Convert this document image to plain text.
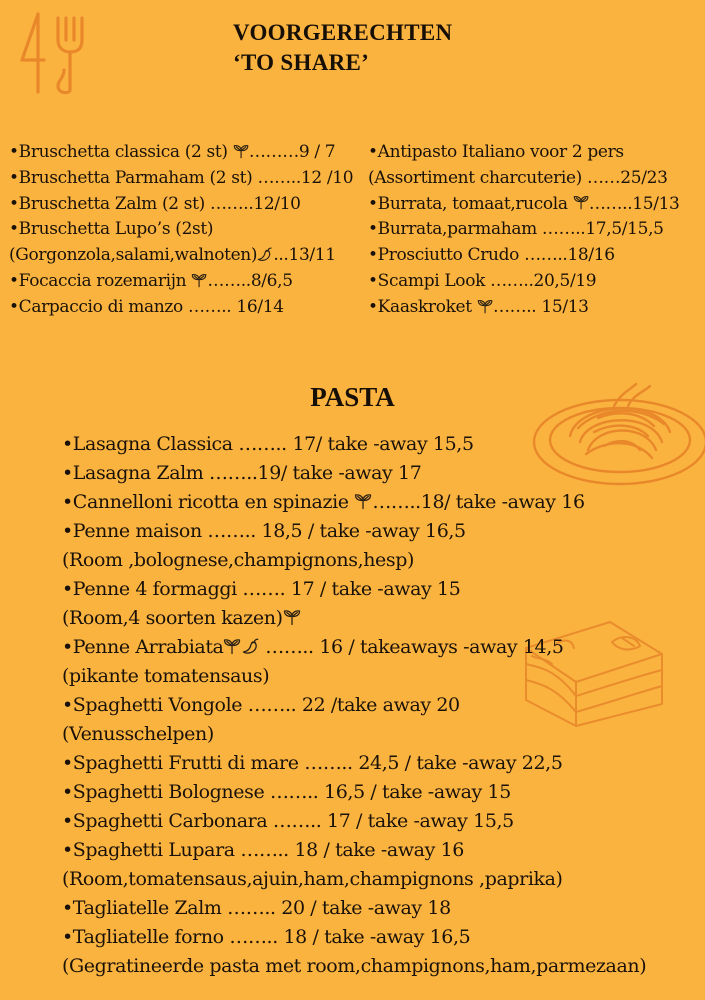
VOORGERECHTEN
‘TO SHARE’
•Bruschetta classica (2 st) ………9 / 7
•Bruschetta Parmaham (2 st) ……..12 /10
•Bruschetta Zalm (2 st) ……..12/10
•Bruschetta Lupo’s (2st)
(Gorgonzola,salami,walnoten) ...13/11
•Focaccia rozemarijn ……..8/6,5
•Carpaccio di manzo …….. 16/14
•Antipasto Italiano voor 2 pers
(Assortiment charcuterie) ……25/23
•Burrata, tomaat,rucola ……..15/13
•Burrata,parmaham ……..17,5/15,5
•Prosciutto Crudo ……..18/16
•Scampi Look ……..20,5/19
•Kaaskroket …….. 15/13
PASTA
•Lasagna Classica …….. 17/ take -away 15,5
•Lasagna Zalm ……..19/ take -away 17
•Cannelloni ricotta en spinazie ……..18/ take -away 16
•Penne maison …….. 18,5 / take -away 16,5
(Room ,bolognese,champignons,hesp)
•Penne 4 formaggi ……. 17 / take -away 15
(Room,4 soorten kazen)
•Penne Arrabiata …….. 16 / takeaways -away 14,5
(pikante tomatensaus)
•Spaghetti Vongole …….. 22 /take away 20
(Venusschelpen)
•Spaghetti Frutti di mare …….. 24,5 / take -away 22,5
•Spaghetti Bolognese …….. 16,5 / take -away 15
•Spaghetti Carbonara …….. 17 / take -away 15,5
•Spaghetti Lupara …….. 18 / take -away 16
(Room,tomatensaus,ajuin,ham,champignons ,paprika)
•Tagliatelle Zalm …….. 20 / take -away 18
•Tagliatelle forno …….. 18 / take -away 16,5
(Gegratineerde pasta met room,champignons,ham,parmezaan)
